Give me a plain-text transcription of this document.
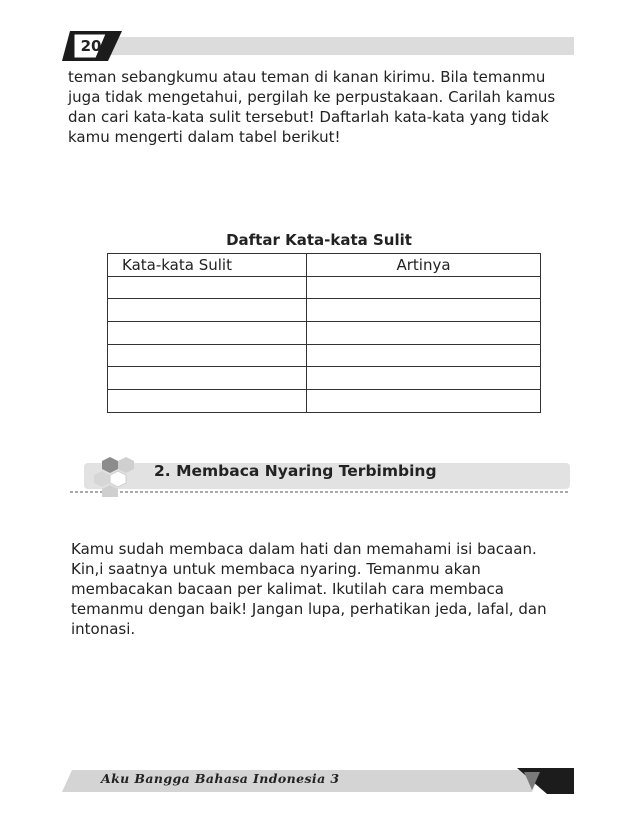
20
teman sebangkumu atau teman di kanan kirimu. Bila temanmu
juga tidak mengetahui, pergilah ke perpustakaan. Carilah kamus
dan cari kata-kata sulit tersebut! Daftarlah kata-kata yang tidak
kamu mengerti dalam tabel berikut!
Daftar Kata-kata Sulit
Kata-kata Sulit	Artinya

2. Membaca Nyaring Terbimbing
Kamu sudah membaca dalam hati dan memahami isi bacaan.
Kin,i saatnya untuk membaca nyaring. Temanmu akan
membacakan bacaan per kalimat. Ikutilah cara membaca
temanmu dengan baik! Jangan lupa, perhatikan jeda, lafal, dan
intonasi.
Aku Bangga Bahasa Indonesia 3
